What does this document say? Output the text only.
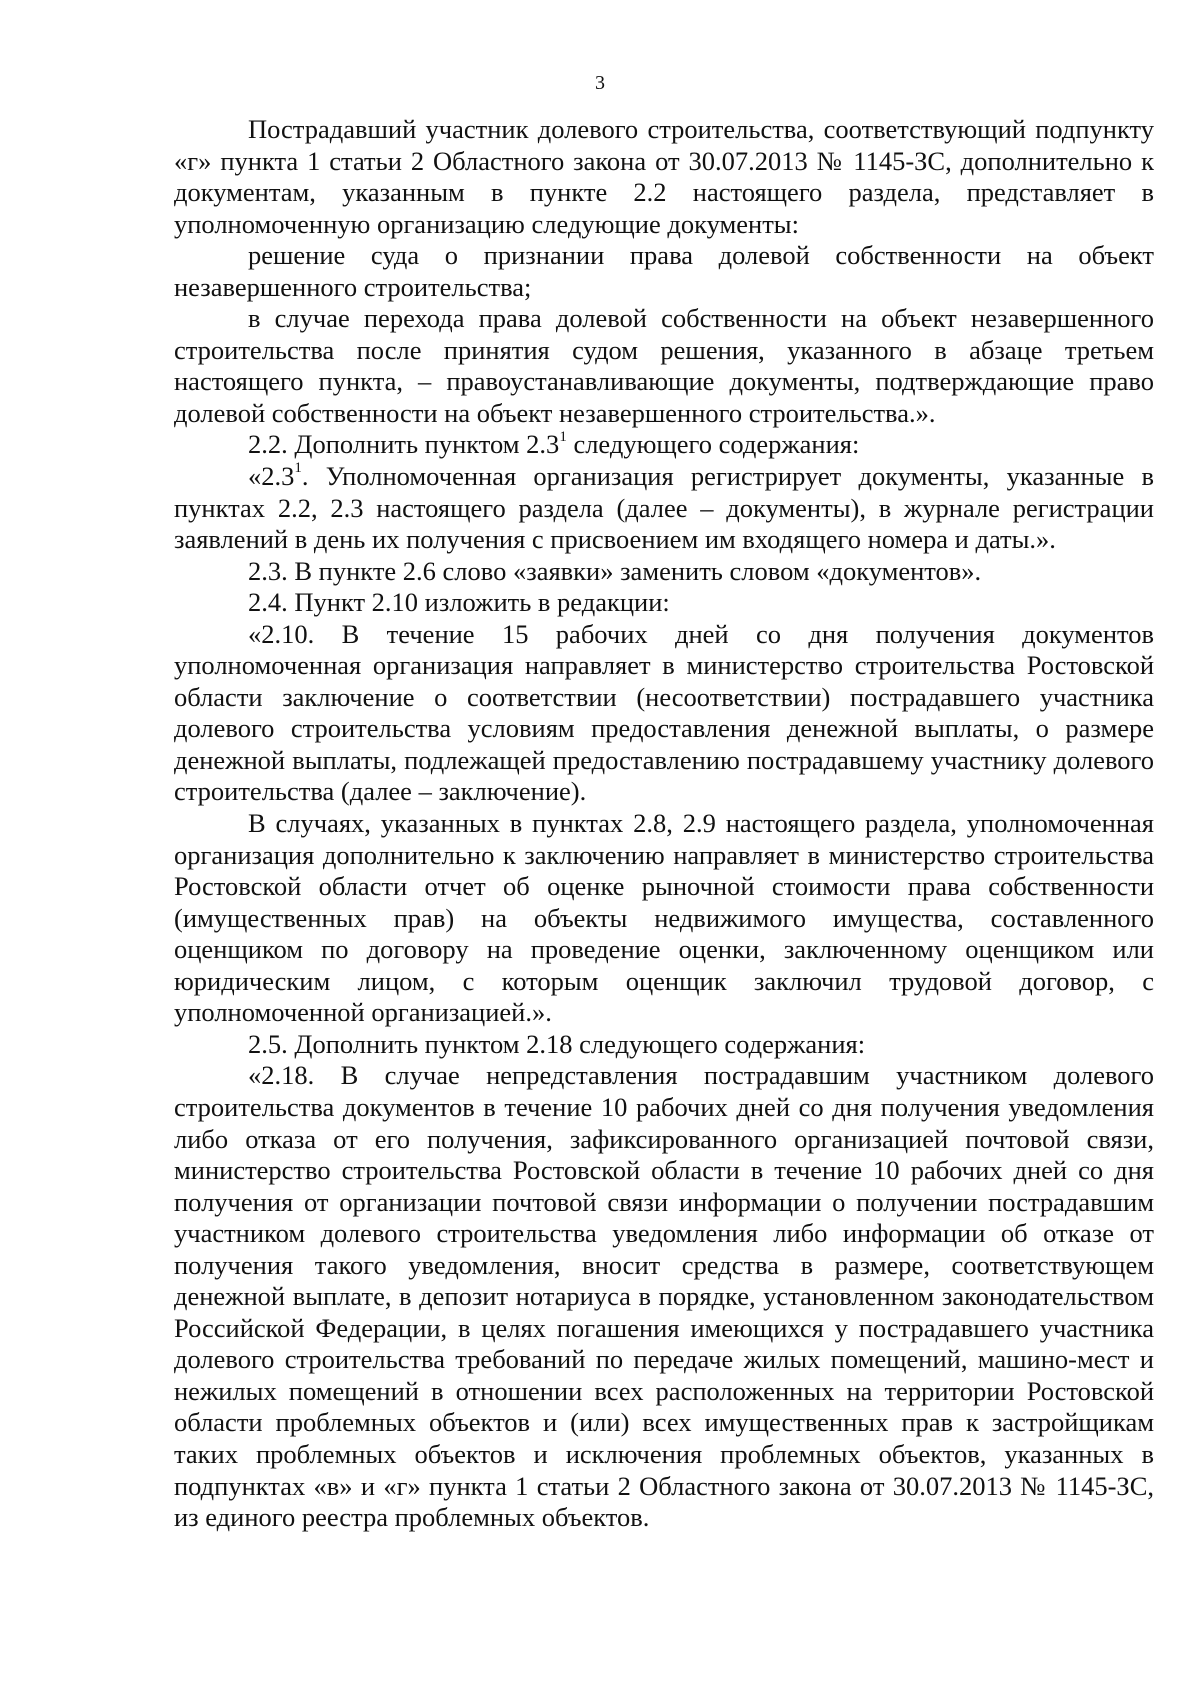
3

Пострадавший участник долевого строительства, соответствующий подпункту «г» пункта 1 статьи 2 Областного закона от 30.07.2013 № 1145-ЗС, дополнительно к документам, указанным в пункте 2.2 настоящего раздела, представляет в уполномоченную организацию следующие документы:

решение суда о признании права долевой собственности на объект незавершенного строительства;

в случае перехода права долевой собственности на объект незавершенного строительства после принятия судом решения, указанного в абзаце третьем настоящего пункта, – правоустанавливающие документы, подтверждающие право долевой собственности на объект незавершенного строительства.».

2.2. Дополнить пунктом $2.3^1$ следующего содержания:

«$2.3^1$. Уполномоченная организация регистрирует документы, указанные в пунктах 2.2, 2.3 настоящего раздела (далее – документы), в журнале регистрации заявлений в день их получения с присвоением им входящего номера и даты.».

2.3. В пункте 2.6 слово «заявки» заменить словом «документов».

2.4. Пункт 2.10 изложить в редакции:

«2.10. В течение 15 рабочих дней со дня получения документов уполномоченная организация направляет в министерство строительства Ростовской области заключение о соответствии (несоответствии) пострадавшего участника долевого строительства условиям предоставления денежной выплаты, о размере денежной выплаты, подлежащей предоставлению пострадавшему участнику долевого строительства (далее – заключение).

В случаях, указанных в пунктах 2.8, 2.9 настоящего раздела, уполномоченная организация дополнительно к заключению направляет в министерство строительства Ростовской области отчет об оценке рыночной стоимости права собственности (имущественных прав) на объекты недвижимого имущества, составленного оценщиком по договору на проведение оценки, заключенному оценщиком или юридическим лицом, с которым оценщик заключил трудовой договор, с уполномоченной организацией.».

2.5. Дополнить пунктом 2.18 следующего содержания:

«2.18. В случае непредставления пострадавшим участником долевого строительства документов в течение 10 рабочих дней со дня получения уведомления либо отказа от его получения, зафиксированного организацией почтовой связи, министерство строительства Ростовской области в течение 10 рабочих дней со дня получения от организации почтовой связи информации о получении пострадавшим участником долевого строительства уведомления либо информации об отказе от получения такого уведомления, вносит средства в размере, соответствующем денежной выплате, в депозит нотариуса в порядке, установленном законодательством Российской Федерации, в целях погашения имеющихся у пострадавшего участника долевого строительства требований по передаче жилых помещений, машино-мест и нежилых помещений в отношении всех расположенных на территории Ростовской области проблемных объектов и (или) всех имущественных прав к застройщикам таких проблемных объектов и исключения проблемных объектов, указанных в подпунктах «в» и «г» пункта 1 статьи 2 Областного закона от 30.07.2013 № 1145-ЗС, из единого реестра проблемных объектов.
